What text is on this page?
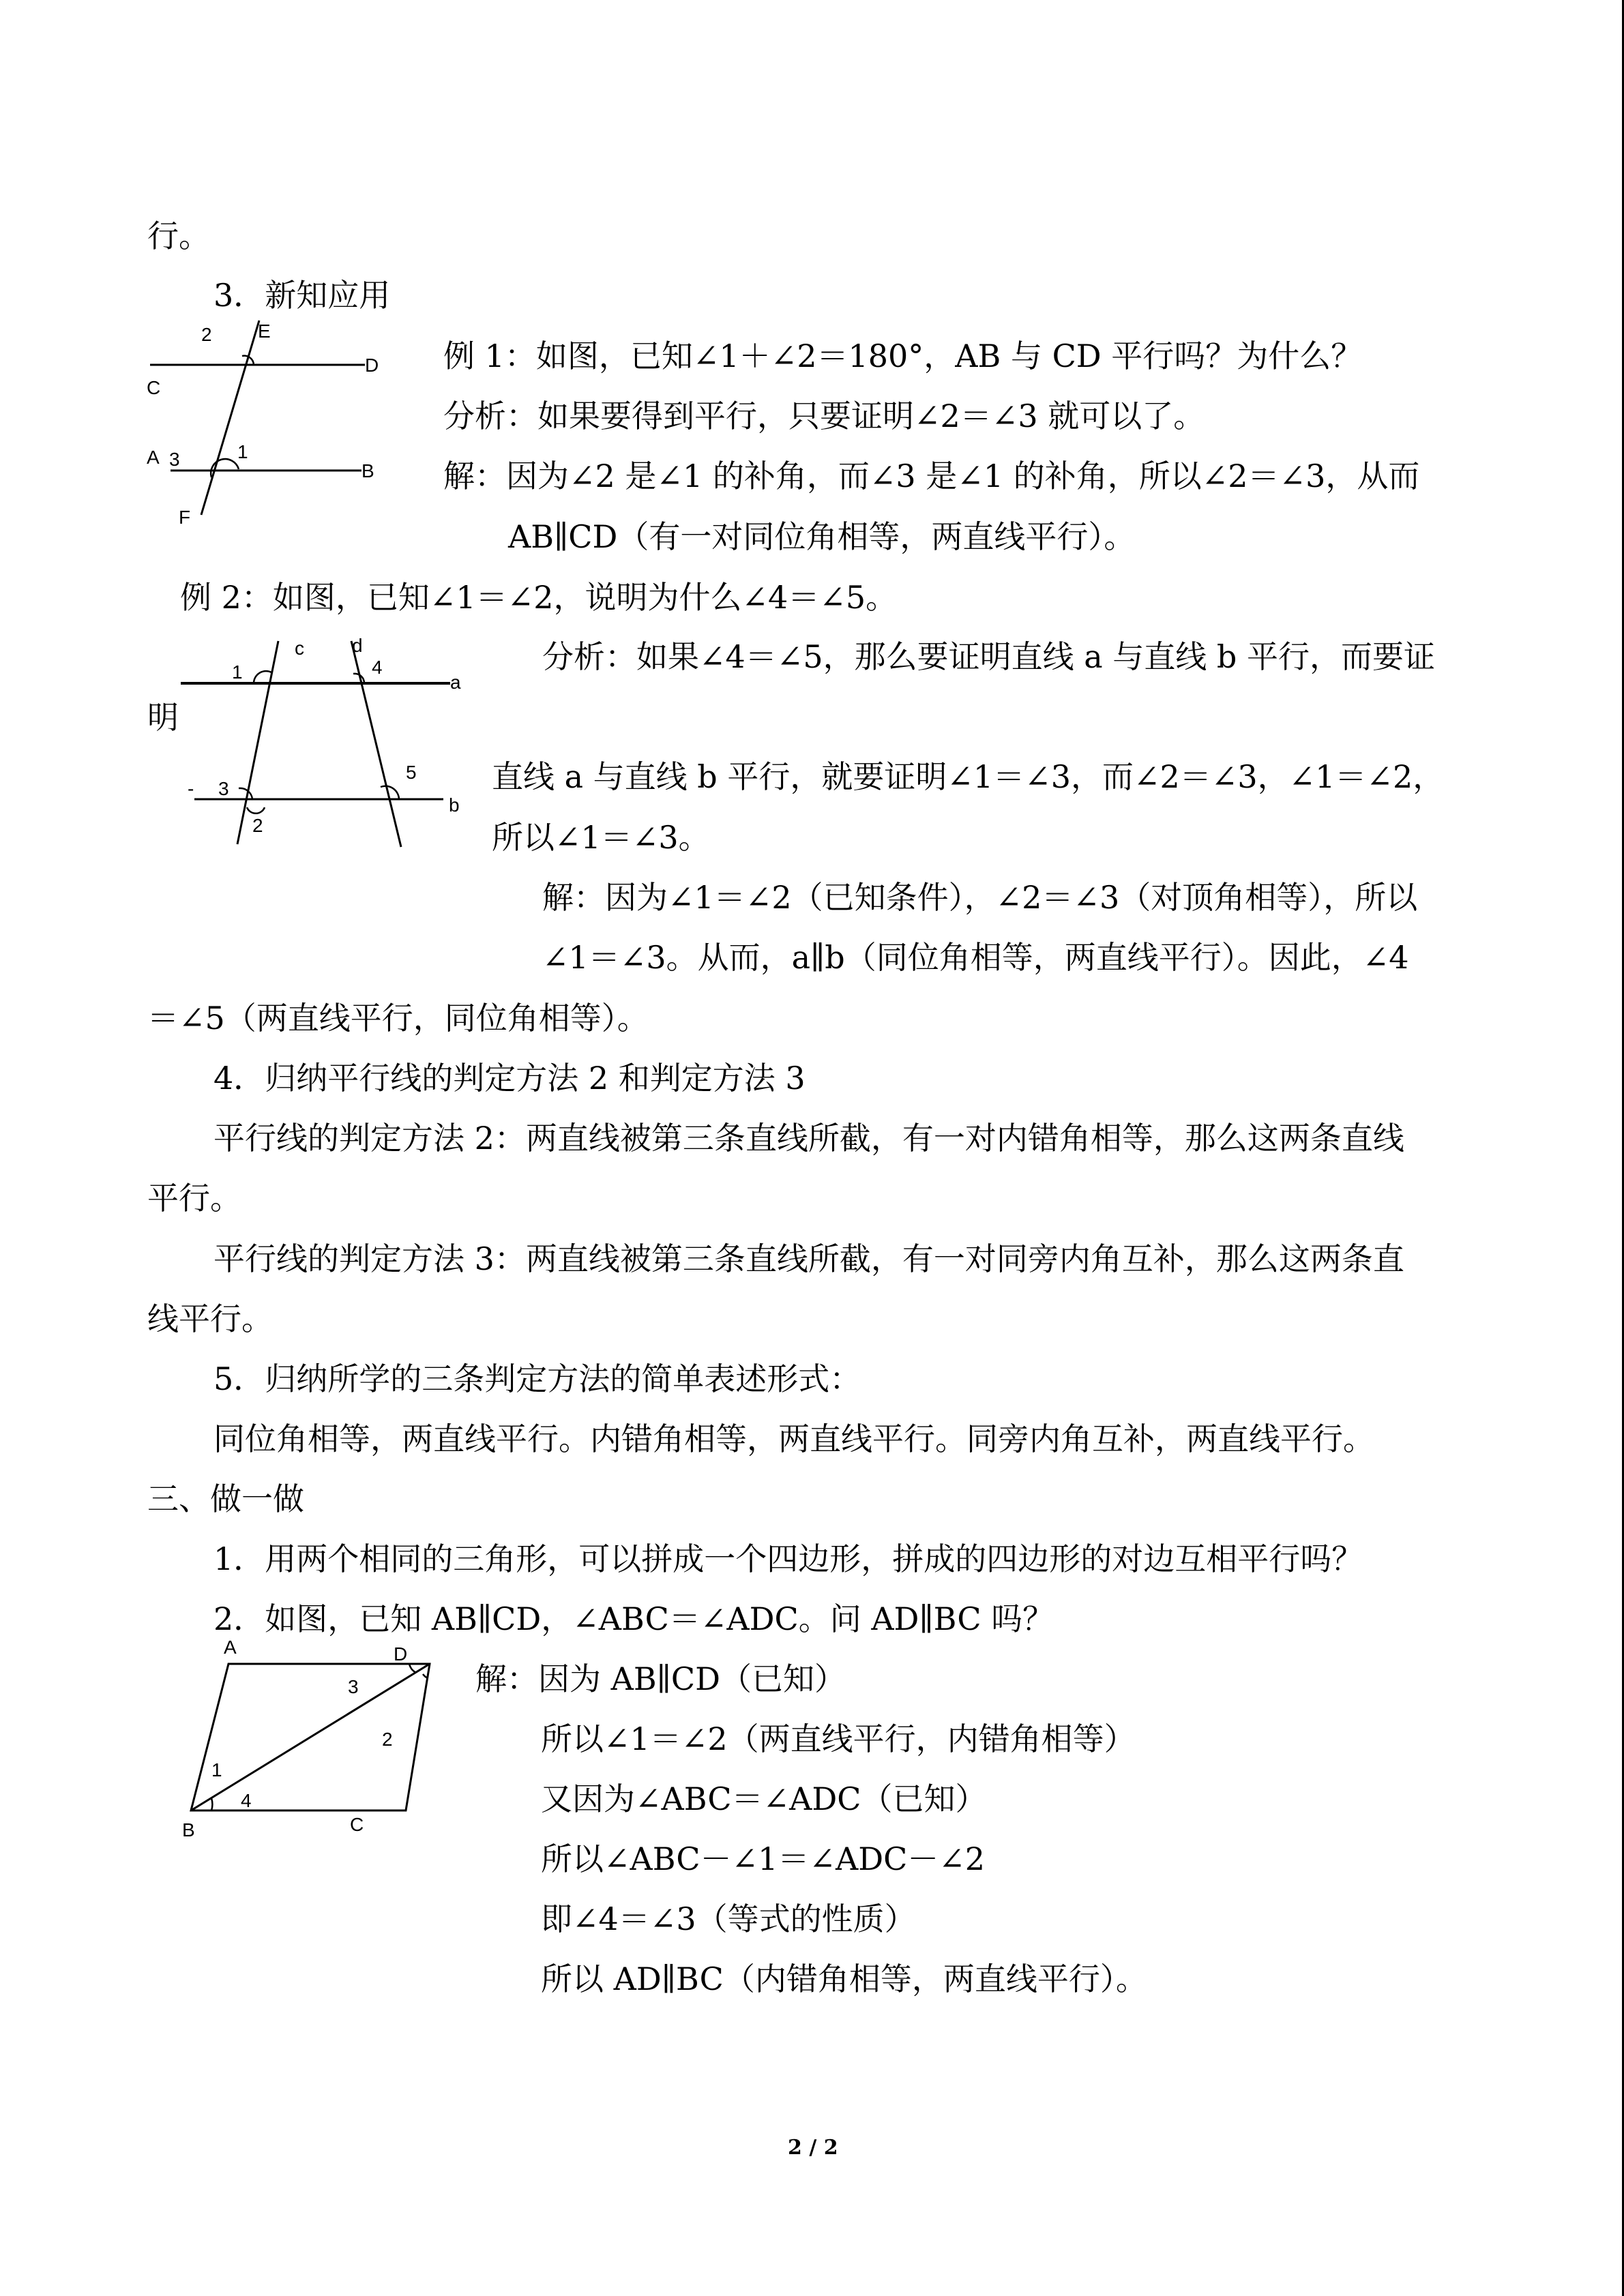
行。
3．新知应用
例 1：如图，已知∠1＋∠2＝180°，AB 与 CD 平行吗？为什么？
分析：如果要得到平行，只要证明∠2＝∠3 就可以了。
解：因为∠2 是∠1 的补角，而∠3 是∠1 的补角，所以∠2＝∠3，从而
AB∥CD（有一对同位角相等，两直线平行）。
例 2：如图，已知∠1＝∠2，说明为什么∠4＝∠5。
分析：如果∠4＝∠5，那么要证明直线 a 与直线 b 平行，而要证
明
直线 a 与直线 b 平行，就要证明∠1＝∠3，而∠2＝∠3，∠1＝∠2，
所以∠1＝∠3。
解：因为∠1＝∠2（已知条件），∠2＝∠3（对顶角相等），所以
∠1＝∠3。从而，a∥b（同位角相等，两直线平行）。因此，∠4
＝∠5（两直线平行，同位角相等）。
4．归纳平行线的判定方法 2 和判定方法 3
平行线的判定方法 2：两直线被第三条直线所截，有一对内错角相等，那么这两条直线
平行。
平行线的判定方法 3：两直线被第三条直线所截，有一对同旁内角互补，那么这两条直
线平行。
5．归纳所学的三条判定方法的简单表述形式：
同位角相等，两直线平行。内错角相等，两直线平行。同旁内角互补，两直线平行。
三、做一做
1．用两个相同的三角形，可以拼成一个四边形，拼成的四边形的对边互相平行吗？
2．如图，已知 AB∥CD，∠ABC＝∠ADC。问 AD∥BC 吗？
解：因为 AB∥CD（已知）
所以∠1＝∠2（两直线平行，内错角相等）
又因为∠ABC＝∠ADC（已知）
所以∠ABC－∠1＝∠ADC－∠2
即∠4＝∠3（等式的性质）
所以 AD∥BC（内错角相等，两直线平行）。
2 E
D
C
A 3	1
B
F
1
c	d
4
a
- 3
5
b
2
A	D
3
2
1
4
B	C
2 / 2
